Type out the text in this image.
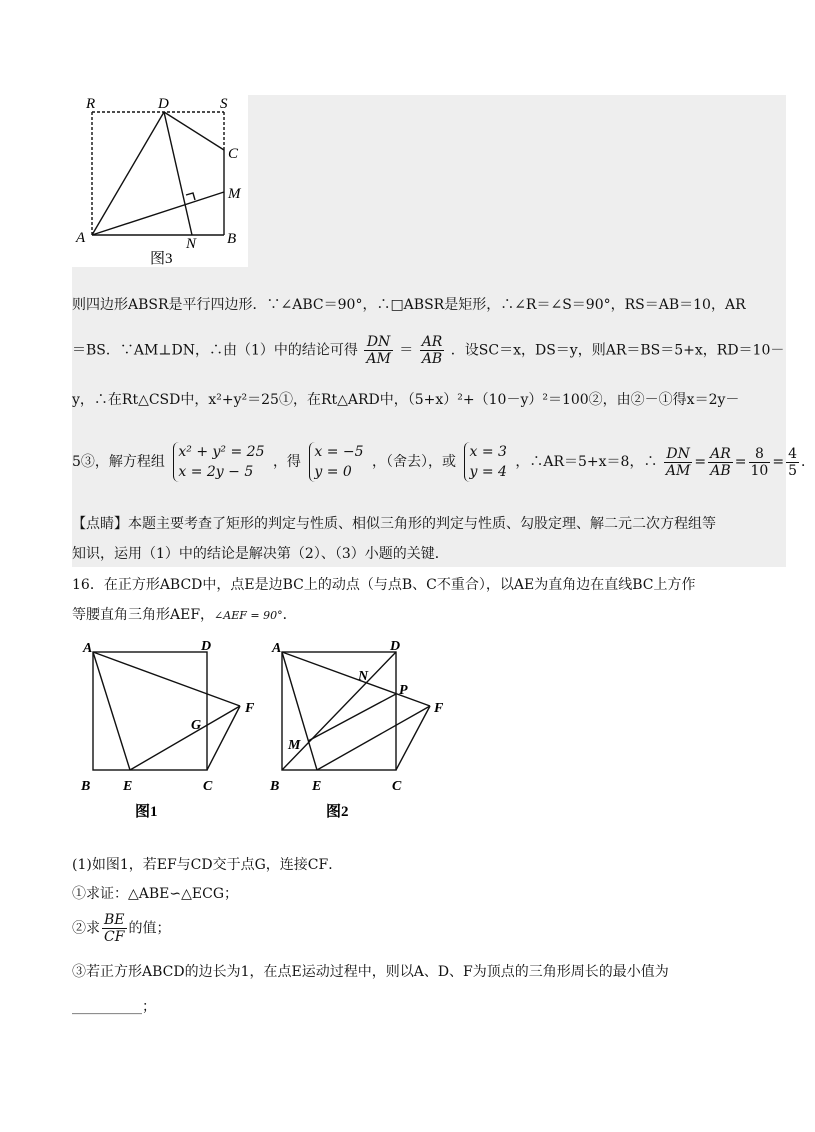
R	D	S
C
M
A	N B
图3
则四边形ABSR是平行四边形．∵∠ABC＝90°，∴□ABSR是矩形，∴∠R＝∠S＝90°，RS＝AB＝10，AR
＝BS．∵AM⊥DN，∴由（1）中的结论可得 $\frac{DN}{AM} = \frac{AR}{AB}$ ．设SC＝x，DS＝y，则AR＝BS＝5+x，RD＝10－
y，∴在Rt△CSD中，x²+y²＝25①，在Rt△ARD中，（5+x）²+（10－y）²＝100②，由②－①得x＝2y－
5③，解方程组 x² + y² = 25
x = 2y − 5 ，得 x = −5
y = 0 ，（舍去），或 x = 3
y = 4 ，∴AR＝5+x＝8，∴ $\frac{DN}{AM} = \frac{AR}{AB} = \frac{8}{10} = \frac{4}{5}$ ．
【点睛】本题主要考查了矩形的判定与性质、相似三角形的判定与性质、勾股定理、解二元二次方程组等
知识，运用（1）中的结论是解决第（2）、（3）小题的关键．
16．在正方形ABCD中，点E是边BC上的动点（与点B、C不重合），以AE为直角边在直线BC上方作
等腰直角三角形AEF，∠AEF = 90°．
A	D
G
F
B E	C
图1
A	D
N
P
F
M
B E	C
图2
(1)如图1，若EF与CD交于点G，连接CF．
①求证：△ABE∽△ECG；
②求 $\frac{BE}{CF}$ 的值；
③若正方形ABCD的边长为1，在点E运动过程中，则以A、D、F为顶点的三角形周长的最小值为
__________；
